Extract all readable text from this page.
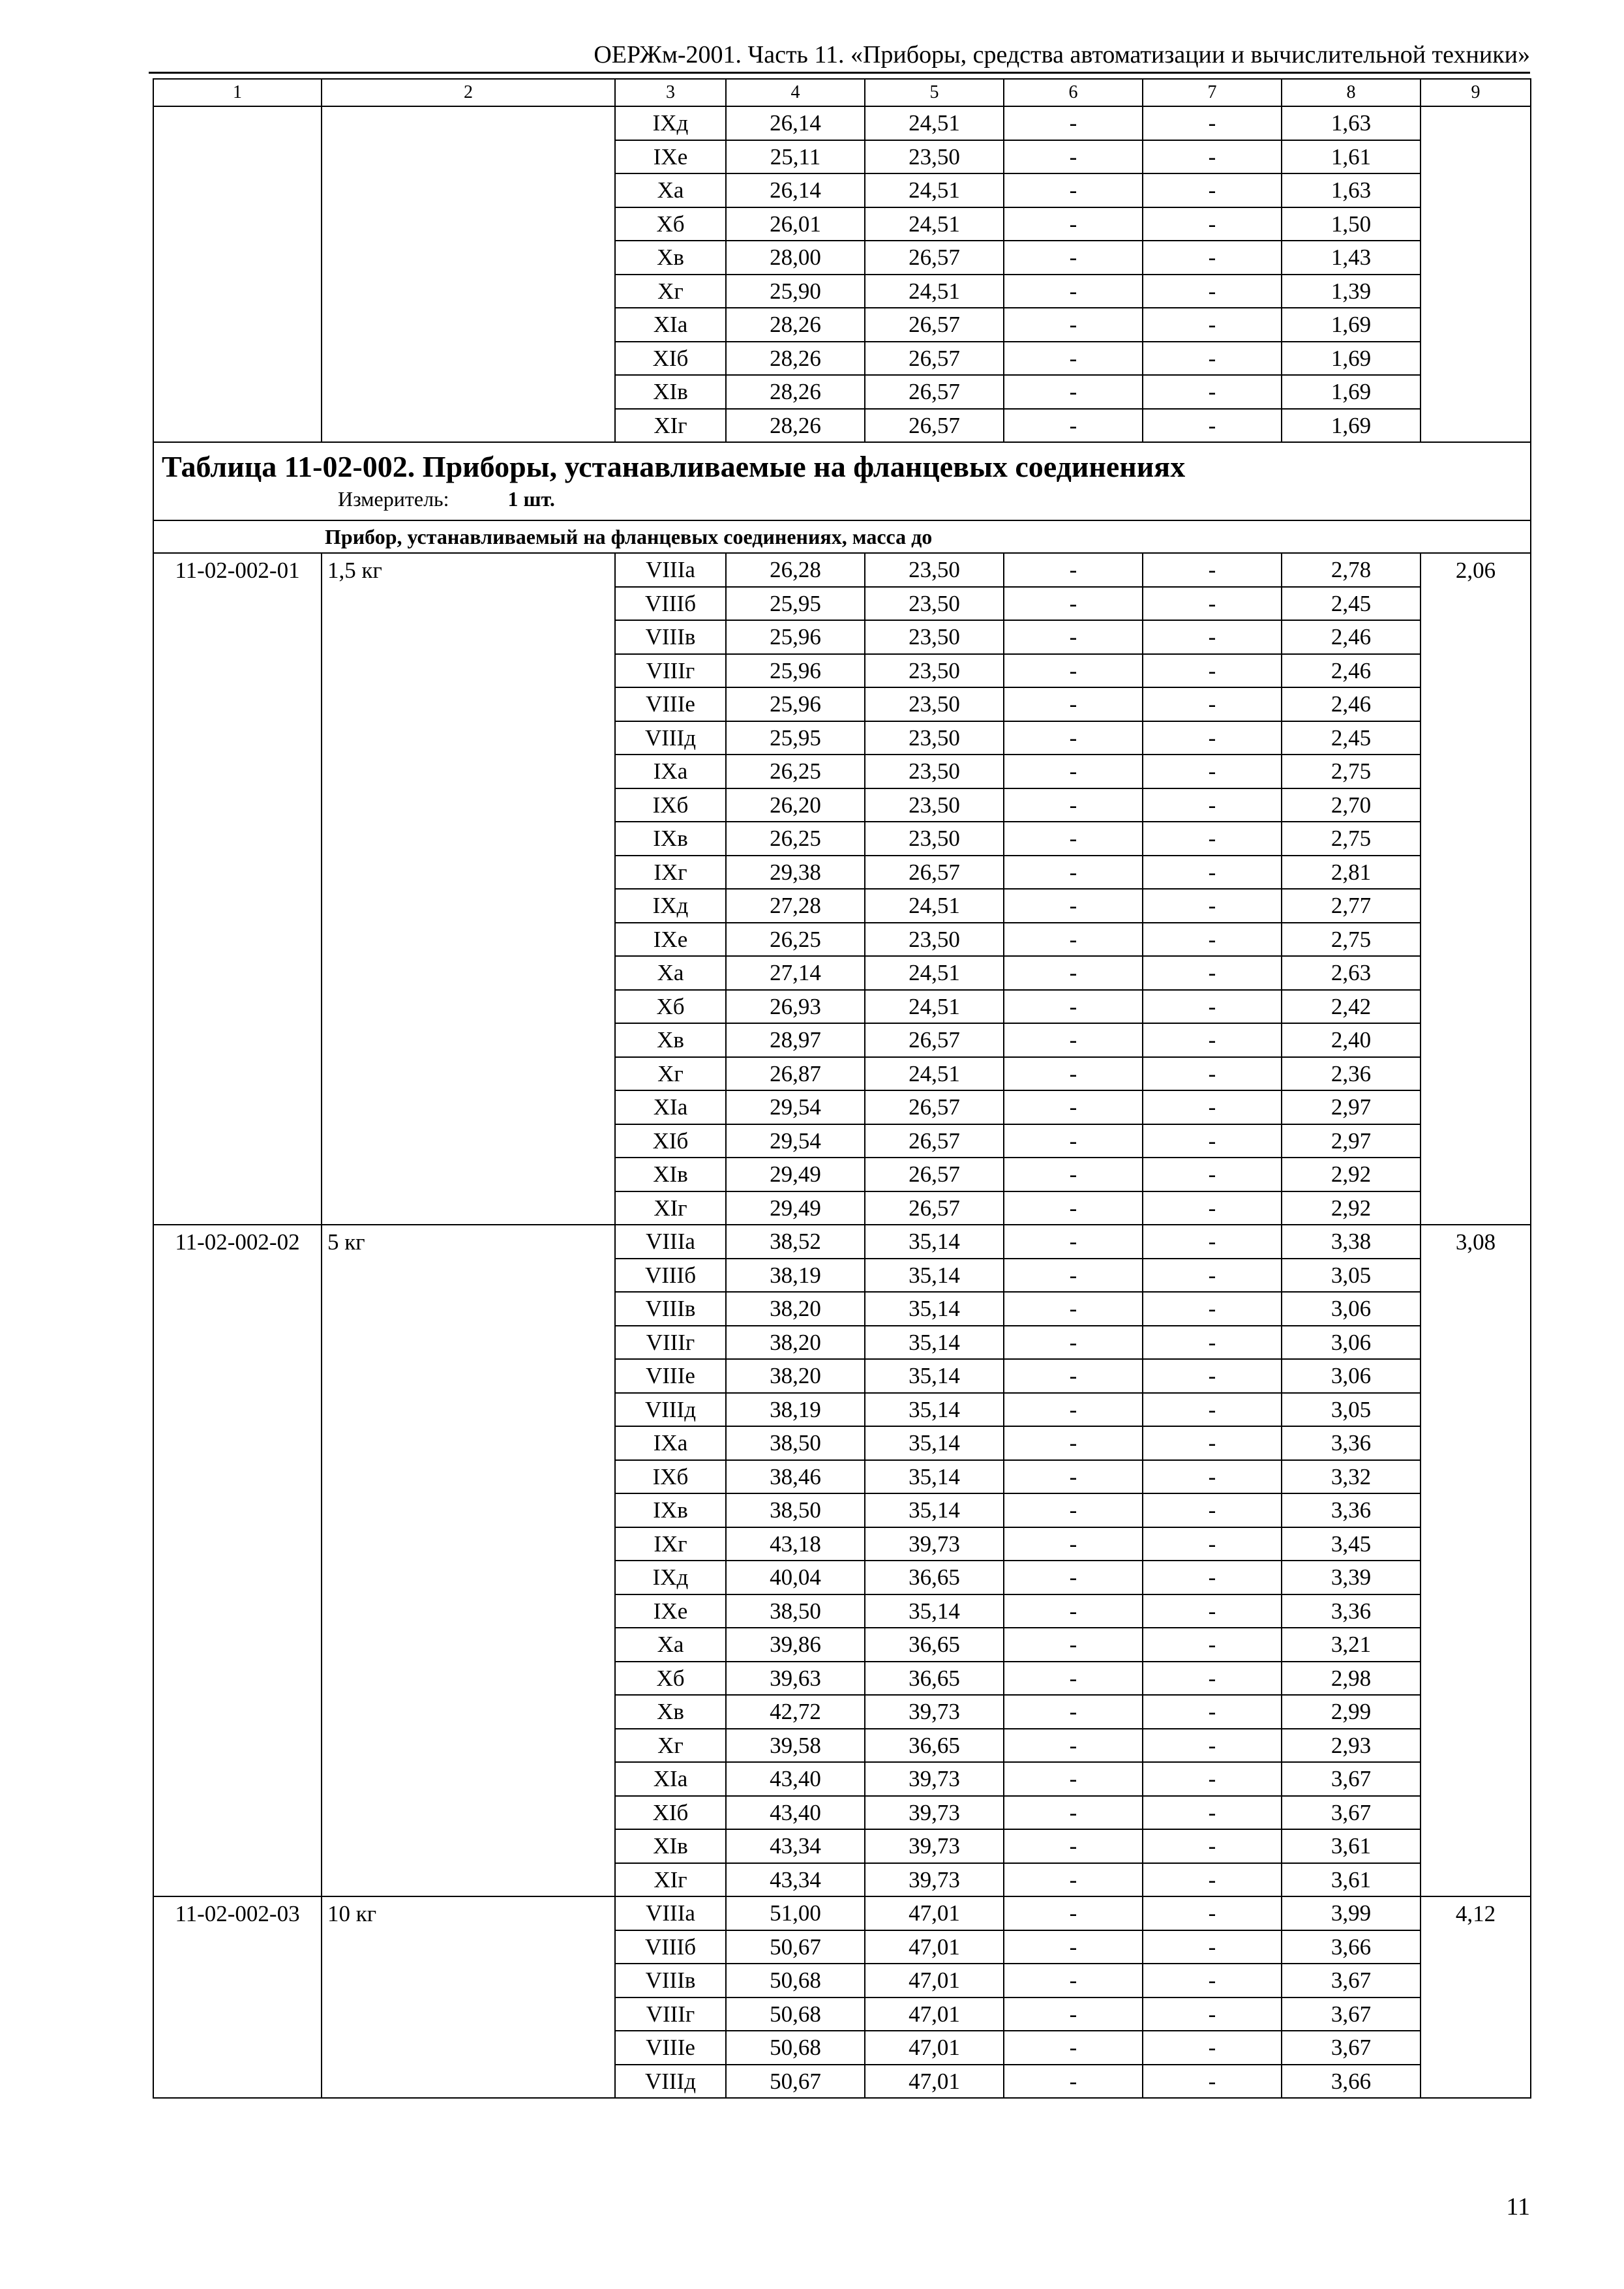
ОЕРЖм-2001. Часть 11. «Приборы, средства автоматизации и вычислительной техники»
1	2	3	4	5	6	7	8	9
		IXд	26,14	24,51	-	-	1,63	
		IXе	25,11	23,50	-	-	1,61	
		Xа	26,14	24,51	-	-	1,63	
		Xб	26,01	24,51	-	-	1,50	
		Xв	28,00	26,57	-	-	1,43	
		Xг	25,90	24,51	-	-	1,39	
		XIа	28,26	26,57	-	-	1,69	
		XIб	28,26	26,57	-	-	1,69	
		XIв	28,26	26,57	-	-	1,69	
		XIг	28,26	26,57	-	-	1,69	

Таблица 11-02-002. Приборы, устанавливаемые на фланцевых соединениях
Измеритель: 1 шт.								

Прибор, устанавливаемый на фланцевых соединениях, масса до								
11-02-002-01	1,5 кг	VIIIа	26,28	23,50	-	-	2,78	2,06
		VIIIб	25,95	23,50	-	-	2,45	
		VIIIв	25,96	23,50	-	-	2,46	
		VIIIг	25,96	23,50	-	-	2,46	
		VIIIе	25,96	23,50	-	-	2,46	
		VIIIд	25,95	23,50	-	-	2,45	
		IXа	26,25	23,50	-	-	2,75	
		IXб	26,20	23,50	-	-	2,70	
		IXв	26,25	23,50	-	-	2,75	
		IXг	29,38	26,57	-	-	2,81	
		IXд	27,28	24,51	-	-	2,77	
		IXе	26,25	23,50	-	-	2,75	
		Xа	27,14	24,51	-	-	2,63	
		Xб	26,93	24,51	-	-	2,42	
		Xв	28,97	26,57	-	-	2,40	
		Xг	26,87	24,51	-	-	2,36	
		XIа	29,54	26,57	-	-	2,97	
		XIб	29,54	26,57	-	-	2,97	
		XIв	29,49	26,57	-	-	2,92	
		XIг	29,49	26,57	-	-	2,92	
11-02-002-02	5 кг	VIIIа	38,52	35,14	-	-	3,38	3,08
		VIIIб	38,19	35,14	-	-	3,05	
		VIIIв	38,20	35,14	-	-	3,06	
		VIIIг	38,20	35,14	-	-	3,06	
		VIIIе	38,20	35,14	-	-	3,06	
		VIIIд	38,19	35,14	-	-	3,05	
		IXа	38,50	35,14	-	-	3,36	
		IXб	38,46	35,14	-	-	3,32	
		IXв	38,50	35,14	-	-	3,36	
		IXг	43,18	39,73	-	-	3,45	
		IXд	40,04	36,65	-	-	3,39	
		IXе	38,50	35,14	-	-	3,36	
		Xа	39,86	36,65	-	-	3,21	
		Xб	39,63	36,65	-	-	2,98	
		Xв	42,72	39,73	-	-	2,99	
		Xг	39,58	36,65	-	-	2,93	
		XIа	43,40	39,73	-	-	3,67	
		XIб	43,40	39,73	-	-	3,67	
		XIв	43,34	39,73	-	-	3,61	
		XIг	43,34	39,73	-	-	3,61	
11-02-002-03	10 кг	VIIIа	51,00	47,01	-	-	3,99	4,12
		VIIIб	50,67	47,01	-	-	3,66	
		VIIIв	50,68	47,01	-	-	3,67	
		VIIIг	50,68	47,01	-	-	3,67	
		VIIIе	50,68	47,01	-	-	3,67	
		VIIIд	50,67	47,01	-	-	3,66	
11
